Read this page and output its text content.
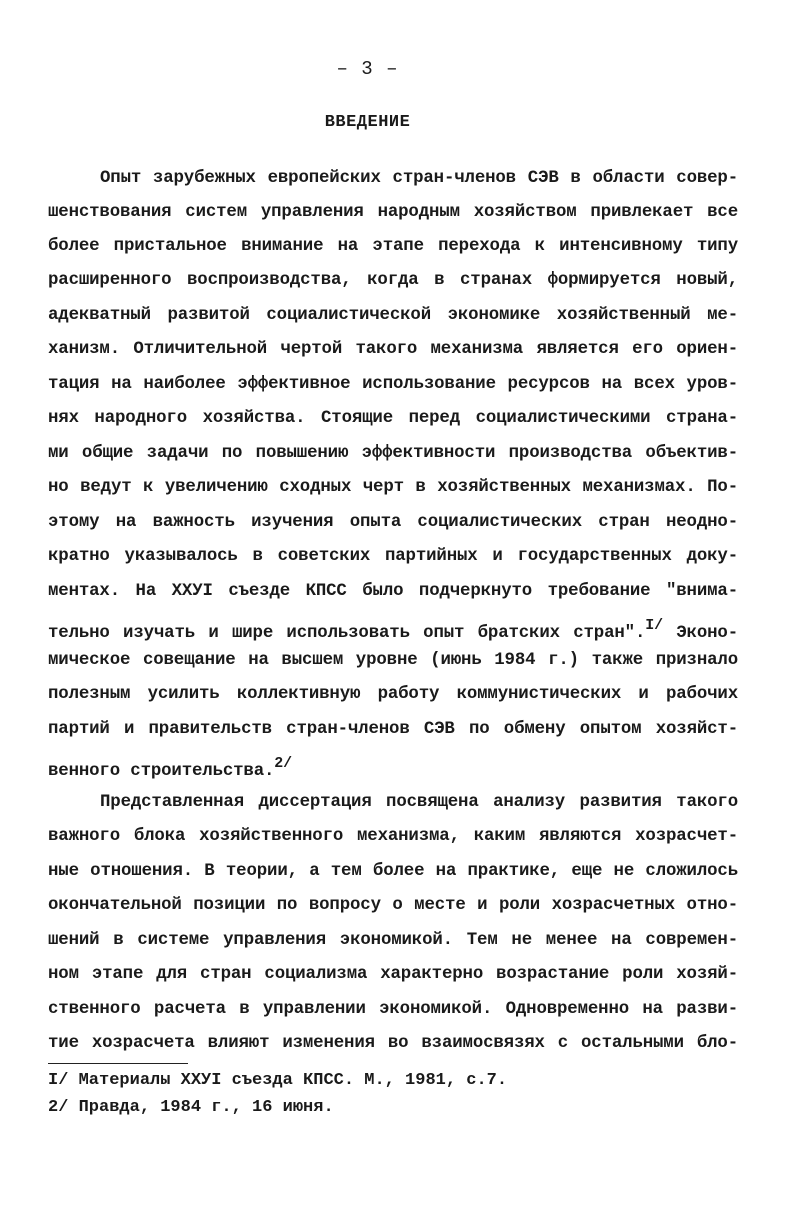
– 3 –
ВВЕДЕНИЕ
Опыт зарубежных европейских стран-членов СЭВ в области совер-
шенствования систем управления народным хозяйством привлекает все
более пристальное внимание на этапе перехода к интенсивному типу
расширенного воспроизводства, когда в странах формируется новый,
адекватный развитой социалистической экономике хозяйственный ме-
ханизм. Отличительной чертой такого механизма является его ориен-
тация на наиболее эффективное использование ресурсов на всех уров-
нях народного хозяйства. Стоящие перед социалистическими страна-
ми общие задачи по повышению эффективности производства объектив-
но ведут к увеличению сходных черт в хозяйственных механизмах. По-
этому на важность изучения опыта социалистических стран неодно-
кратно указывалось в советских партийных и государственных доку-
ментах. На ХХУI съезде КПСС было подчеркнуто требование "внима-
тельно изучать и шире использовать опыт братских стран".I/ Эконо-
мическое совещание на высшем уровне (июнь 1984 г.) также признало
полезным усилить коллективную работу коммунистических и рабочих
партий и правительств стран-членов СЭВ по обмену опытом хозяйст-
венного строительства.2/
Представленная диссертация посвящена анализу развития такого
важного блока хозяйственного механизма, каким являются хозрасчет-
ные отношения. В теории, а тем более на практике, еще не сложилось
окончательной позиции по вопросу о месте и роли хозрасчетных отно-
шений в системе управления экономикой. Тем не менее на современ-
ном этапе для стран социализма характерно возрастание роли хозяй-
ственного расчета в управлении экономикой. Одновременно на разви-
тие хозрасчета влияют изменения во взаимосвязях с остальными бло-
I/ Материалы ХХУI съезда КПСС. М., 1981, с.7.
2/ Правда, 1984 г., 16 июня.
